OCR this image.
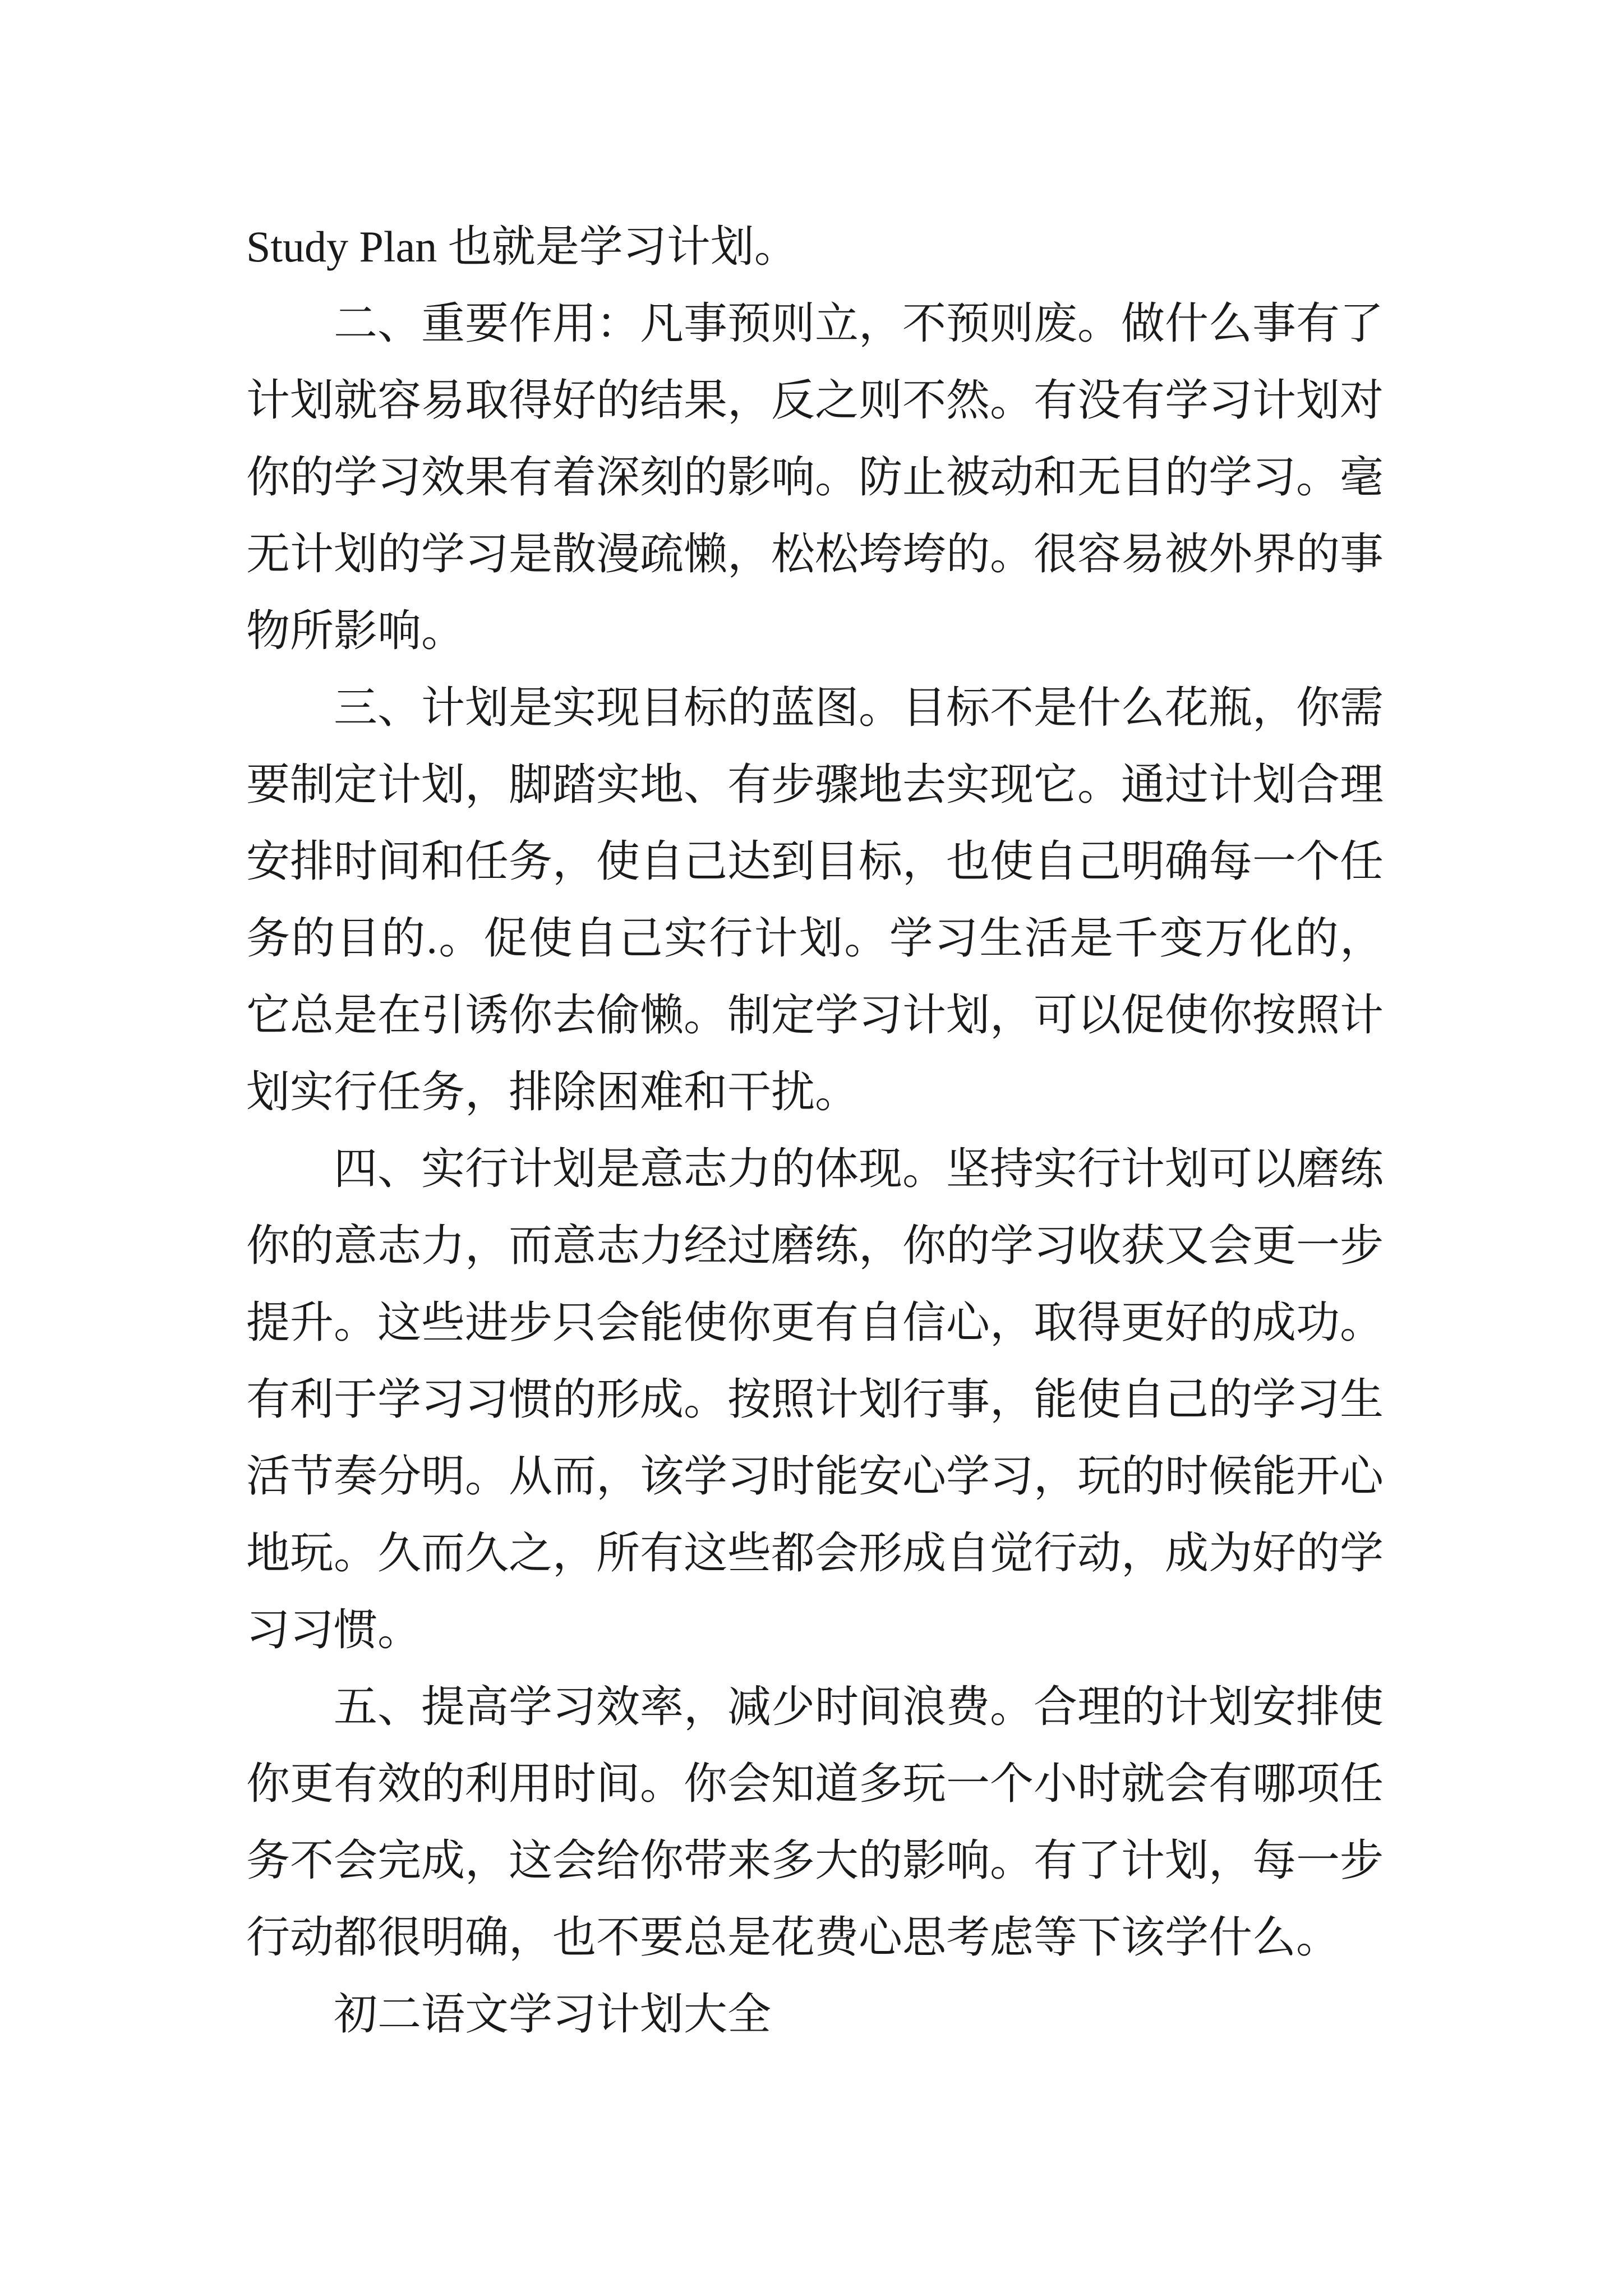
Study Plan 也就是学习计划。
二、重要作用：凡事预则立，不预则废。做什么事有了
计划就容易取得好的结果，反之则不然。有没有学习计划对
你的学习效果有着深刻的影响。防止被动和无目的学习。毫
无计划的学习是散漫疏懒，松松垮垮的。很容易被外界的事
物所影响。
三、计划是实现目标的蓝图。目标不是什么花瓶，你需
要制定计划，脚踏实地、有步骤地去实现它。通过计划合理
安排时间和任务，使自己达到目标，也使自己明确每一个任
务的目的.。促使自己实行计划。学习生活是千变万化的，
它总是在引诱你去偷懒。制定学习计划，可以促使你按照计
划实行任务，排除困难和干扰。
四、实行计划是意志力的体现。坚持实行计划可以磨练
你的意志力，而意志力经过磨练，你的学习收获又会更一步
提升。这些进步只会能使你更有自信心，取得更好的成功。
有利于学习习惯的形成。按照计划行事，能使自己的学习生
活节奏分明。从而，该学习时能安心学习，玩的时候能开心
地玩。久而久之，所有这些都会形成自觉行动，成为好的学
习习惯。
五、提高学习效率，减少时间浪费。合理的计划安排使
你更有效的利用时间。你会知道多玩一个小时就会有哪项任
务不会完成，这会给你带来多大的影响。有了计划，每一步
行动都很明确，也不要总是花费心思考虑等下该学什么。
初二语文学习计划大全
